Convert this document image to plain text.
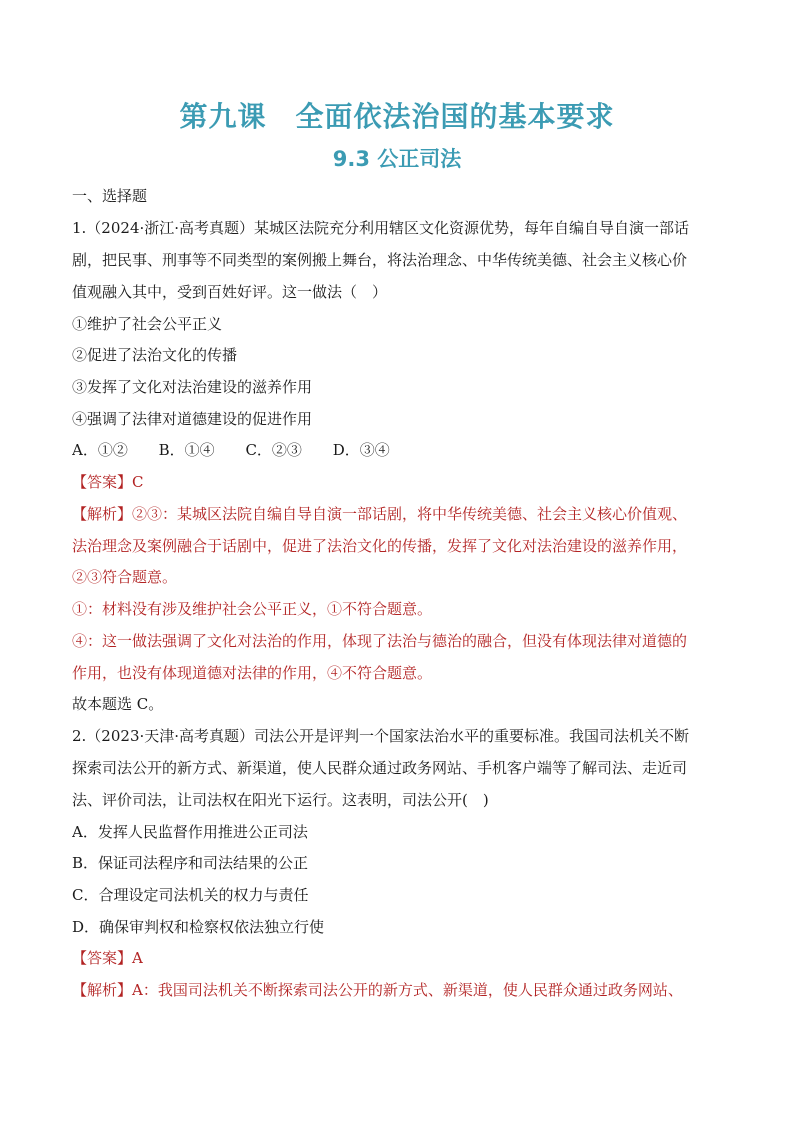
第九课　全面依法治国的基本要求
9.3 公正司法
一、选择题
1.（2024·浙江·高考真题）某城区法院充分利用辖区文化资源优势，每年自编自导自演一部话
剧，把民事、刑事等不同类型的案例搬上舞台，将法治理念、中华传统美德、社会主义核心价
值观融入其中，受到百姓好评。这一做法（　）
①维护了社会公平正义
②促进了法治文化的传播
③发挥了文化对法治建设的滋养作用
④强调了法律对道德建设的促进作用
A．①② B．①④ C．②③ D．③④
【答案】C
【解析】②③：某城区法院自编自导自演一部话剧，将中华传统美德、社会主义核心价值观、
法治理念及案例融合于话剧中，促进了法治文化的传播，发挥了文化对法治建设的滋养作用，
②③符合题意。
①：材料没有涉及维护社会公平正义，①不符合题意。
④：这一做法强调了文化对法治的作用，体现了法治与德治的融合，但没有体现法律对道德的
作用，也没有体现道德对法律的作用，④不符合题意。
故本题选 C。
2.（2023·天津·高考真题）司法公开是评判一个国家法治水平的重要标准。我国司法机关不断
探索司法公开的新方式、新渠道，使人民群众通过政务网站、手机客户端等了解司法、走近司
法、评价司法，让司法权在阳光下运行。这表明，司法公开(　)
A．发挥人民监督作用推进公正司法
B．保证司法程序和司法结果的公正
C．合理设定司法机关的权力与责任
D．确保审判权和检察权依法独立行使
【答案】A
【解析】A：我国司法机关不断探索司法公开的新方式、新渠道，使人民群众通过政务网站、
